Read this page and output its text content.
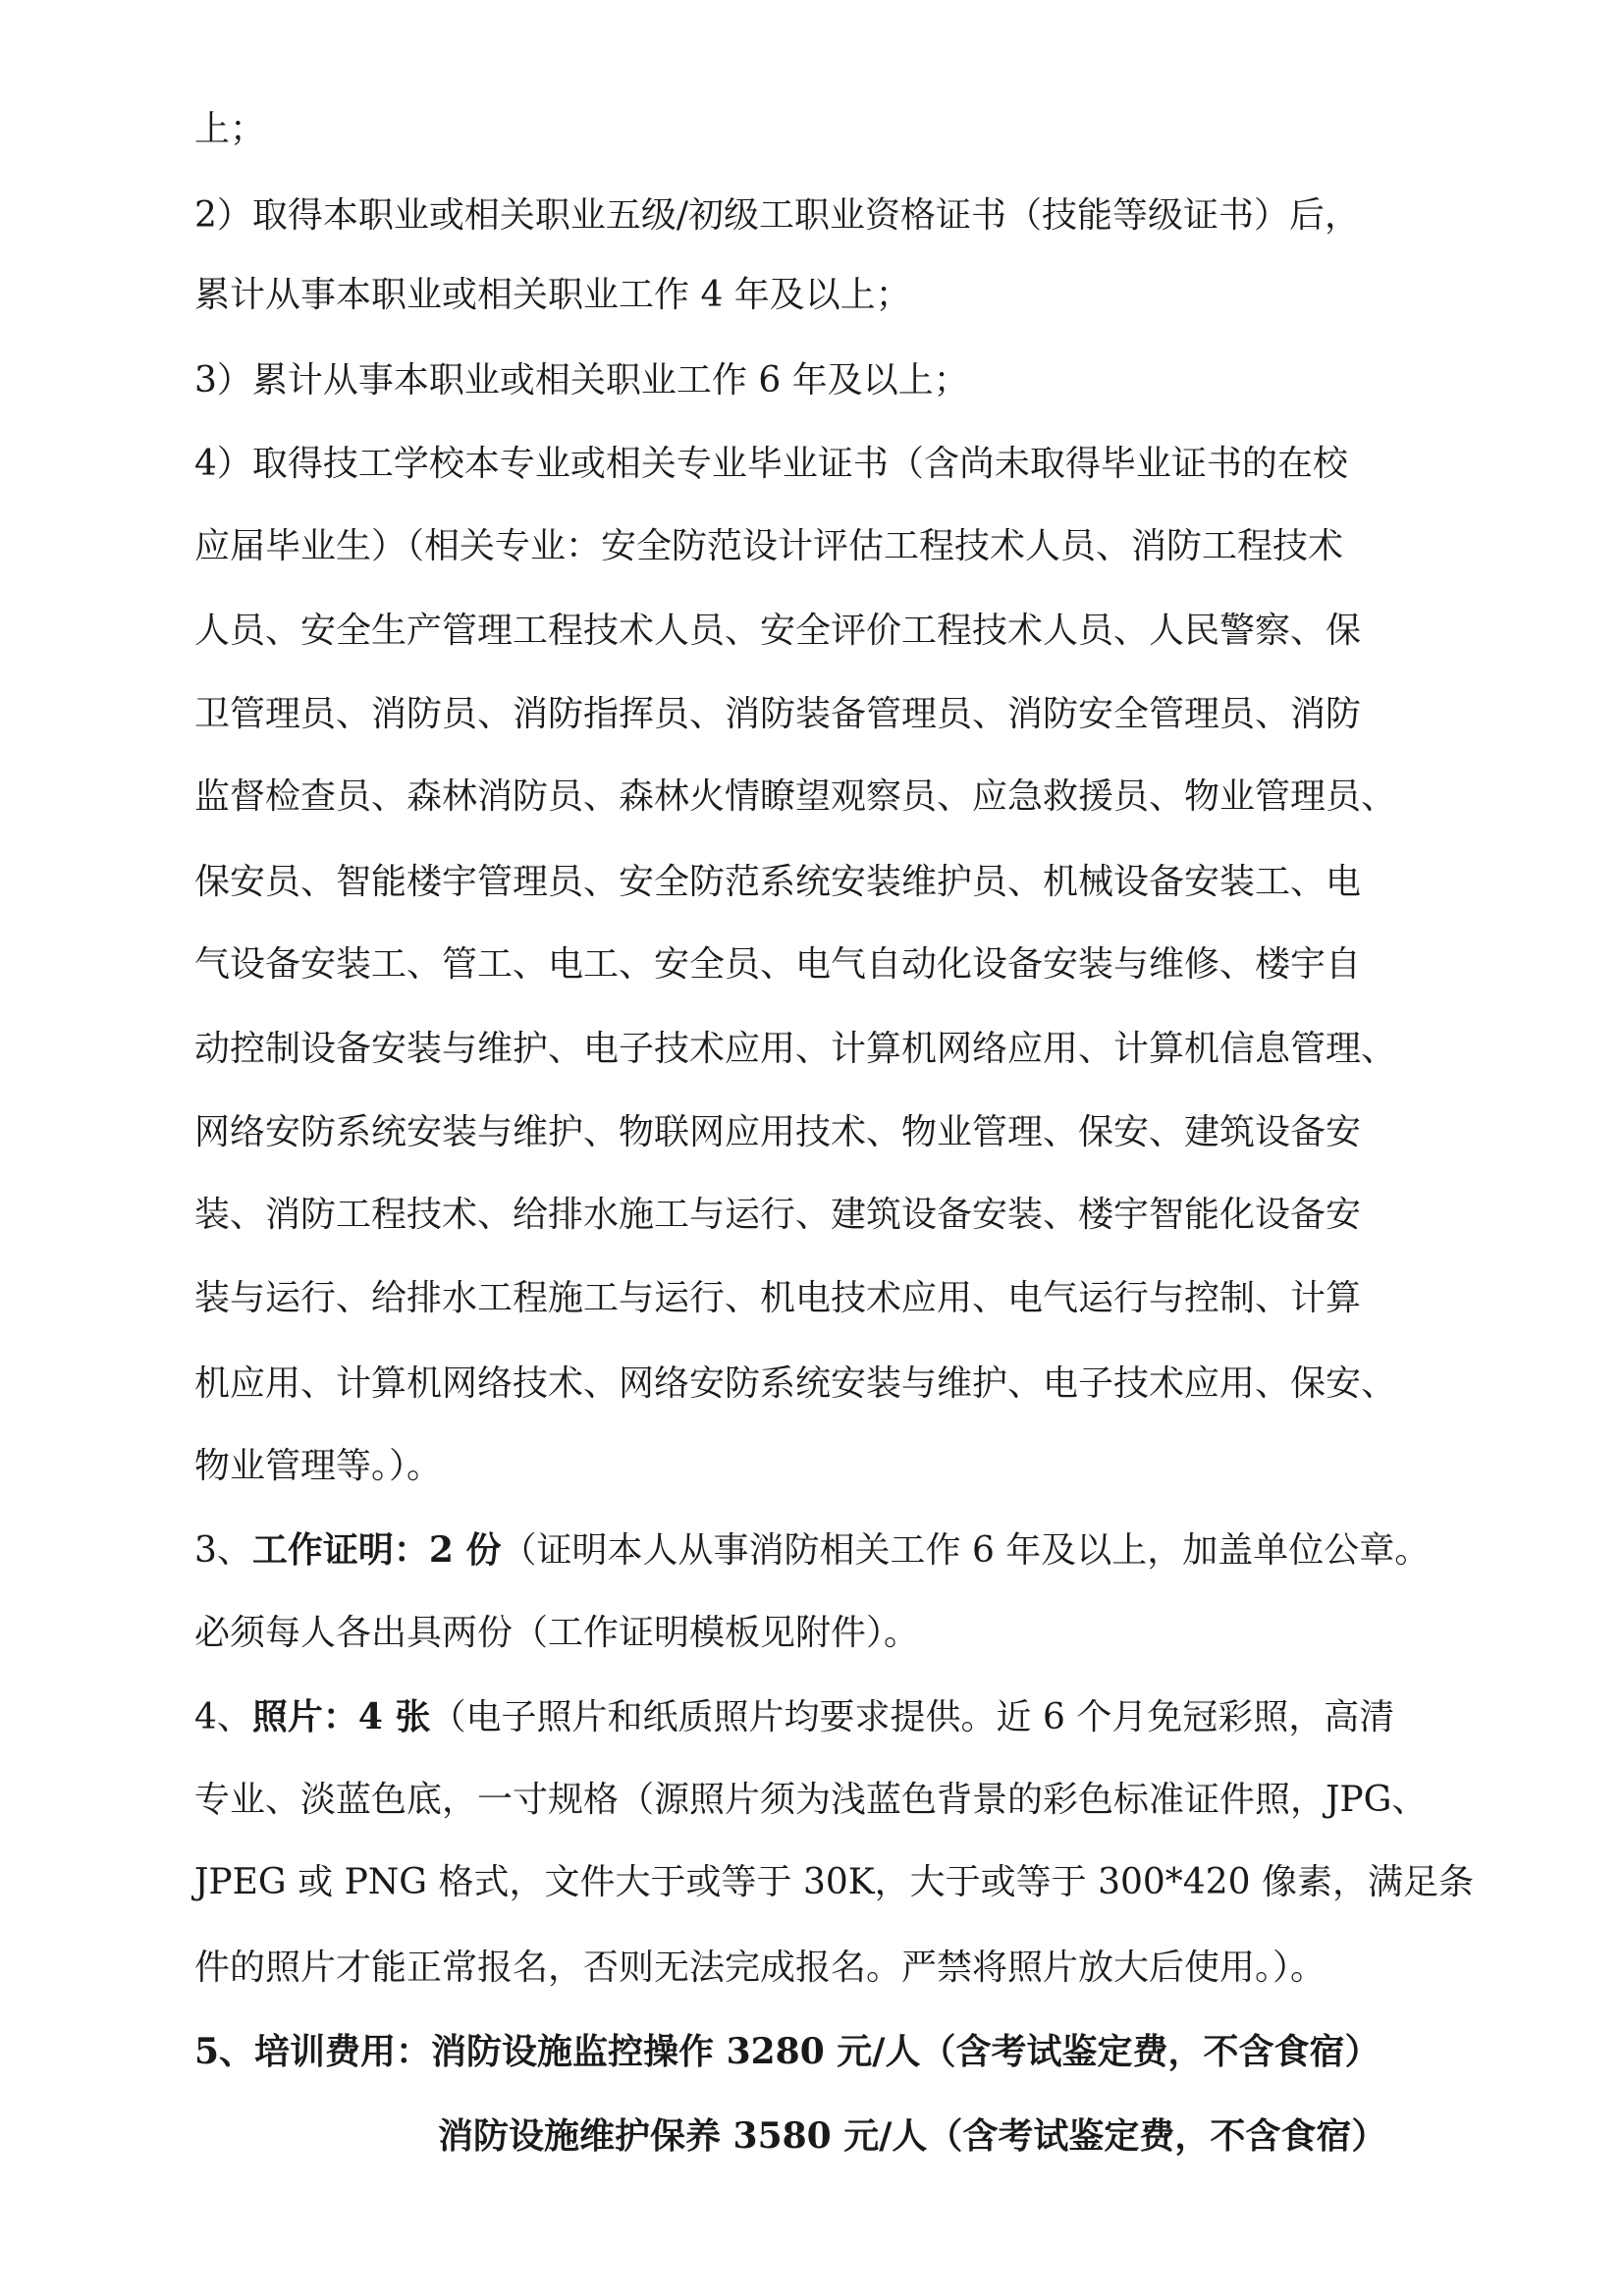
上；
2）取得本职业或相关职业五级/初级工职业资格证书（技能等级证书）后，
累计从事本职业或相关职业工作 4 年及以上；
3）累计从事本职业或相关职业工作 6 年及以上；
4）取得技工学校本专业或相关专业毕业证书（含尚未取得毕业证书的在校
应届毕业生）（相关专业：安全防范设计评估工程技术人员、消防工程技术
人员、安全生产管理工程技术人员、安全评价工程技术人员、人民警察、保
卫管理员、消防员、消防指挥员、消防装备管理员、消防安全管理员、消防
监督检查员、森林消防员、森林火情瞭望观察员、应急救援员、物业管理员、
保安员、智能楼宇管理员、安全防范系统安装维护员、机械设备安装工、电
气设备安装工、管工、电工、安全员、电气自动化设备安装与维修、楼宇自
动控制设备安装与维护、电子技术应用、计算机网络应用、计算机信息管理、
网络安防系统安装与维护、物联网应用技术、物业管理、保安、建筑设备安
装、消防工程技术、给排水施工与运行、建筑设备安装、楼宇智能化设备安
装与运行、给排水工程施工与运行、机电技术应用、电气运行与控制、计算
机应用、计算机网络技术、网络安防系统安装与维护、电子技术应用、保安、
物业管理等。）。
3、工作证明：2 份（证明本人从事消防相关工作 6 年及以上，加盖单位公章。
必须每人各出具两份（工作证明模板见附件）。
4、照片：4 张（电子照片和纸质照片均要求提供。近 6 个月免冠彩照，高清
专业、淡蓝色底，一寸规格（源照片须为浅蓝色背景的彩色标准证件照，JPG、
JPEG 或 PNG 格式，文件大于或等于 30K，大于或等于 300*420 像素，满足条
件的照片才能正常报名，否则无法完成报名。严禁将照片放大后使用。）。
5、培训费用：消防设施监控操作 3280 元/人（含考试鉴定费，不含食宿）
消防设施维护保养 3580 元/人（含考试鉴定费，不含食宿）
